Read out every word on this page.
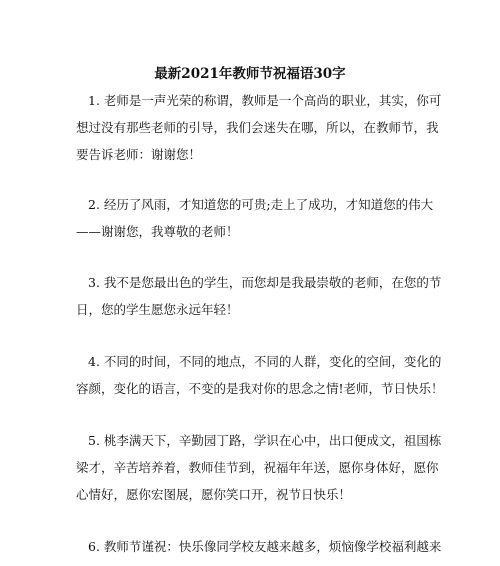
最新2021年教师节祝福语30字
1. 老师是一声光荣的称谓，教师是一个高尚的职业，其实，你可
想过没有那些老师的引导，我们会迷失在哪，所以，在教师节，我
要告诉老师：谢谢您！
2. 经历了风雨，才知道您的可贵;走上了成功，才知道您的伟大
——谢谢您，我尊敬的老师！
3. 我不是您最出色的学生，而您却是我最崇敬的老师，在您的节
日，您的学生愿您永远年轻！
4. 不同的时间，不同的地点，不同的人群，变化的空间，变化的
容颜，变化的语言，不变的是我对你的思念之情!老师，节日快乐！
5. 桃李满天下，辛勤园丁路，学识在心中，出口便成文，祖国栋
梁才，辛苦培养着，教师佳节到，祝福年年送，愿你身体好，愿你
心情好，愿你宏图展，愿你笑口开，祝节日快乐！
6. 教师节谨祝：快乐像同学校友越来越多，烦恼像学校福利越来
